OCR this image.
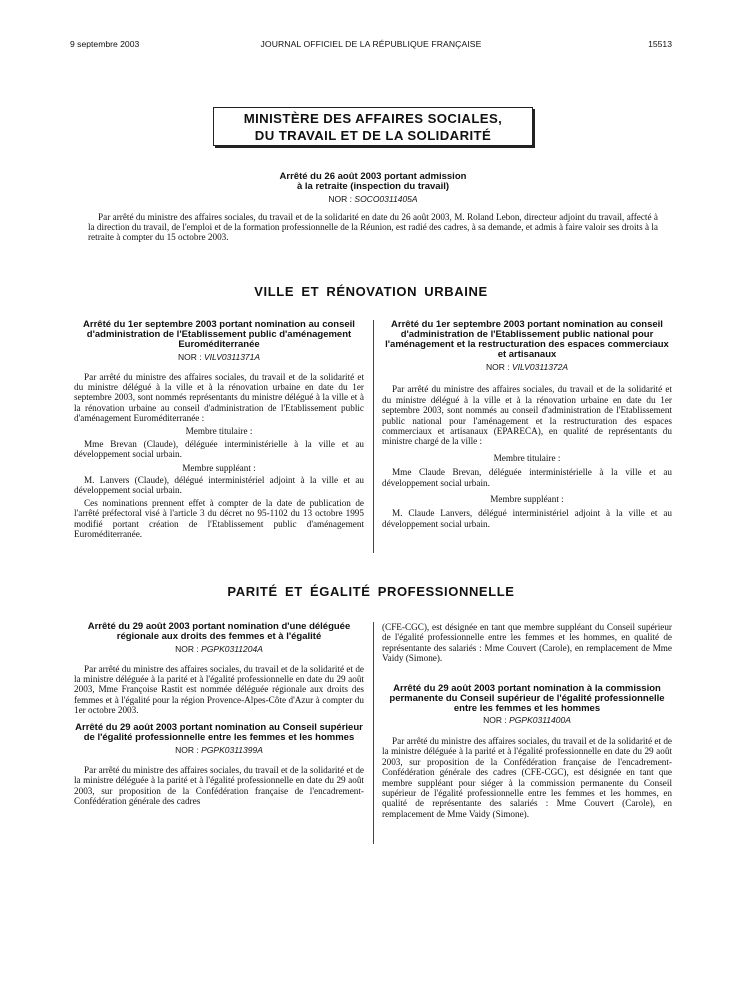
9 septembre 2003	JOURNAL OFFICIEL DE LA RÉPUBLIQUE FRANÇAISE	15513
MINISTÈRE DES AFFAIRES SOCIALES,
DU TRAVAIL ET DE LA SOLIDARITÉ
Arrêté du 26 août 2003 portant admission
à la retraite (inspection du travail)
NOR : SOCO0311405A

Par arrêté du ministre des affaires sociales, du travail et de la solidarité en date du 26 août 2003, M. Roland Lebon, directeur adjoint du travail, affecté à la direction du travail, de l'emploi et de la formation professionnelle de la Réunion, est radié des cadres, à sa demande, et admis à faire valoir ses droits à la retraite à compter du 15 octobre 2003.

VILLE ET RÉNOVATION URBAINE
Arrêté du 1er septembre 2003 portant nomination au conseil d'administration de l'Etablissement public d'aménagement Euroméditerranée
NOR : VILV0311371A

Par arrêté du ministre des affaires sociales, du travail et de la solidarité et du ministre délégué à la ville et à la rénovation urbaine en date du 1er septembre 2003, sont nommés représentants du ministre délégué à la ville et à la rénovation urbaine au conseil d'administration de l'Etablissement public d'aménagement Euroméditerranée :

Membre titulaire :

Mme Brevan (Claude), déléguée interministérielle à la ville et au développement social urbain.

Membre suppléant :

M. Lanvers (Claude), délégué interministériel adjoint à la ville et au développement social urbain.

Ces nominations prennent effet à compter de la date de publication de l'arrêté préfectoral visé à l'article 3 du décret no 95-1102 du 13 octobre 1995 modifié portant création de l'Etablissement public d'aménagement Euroméditerranée.

Arrêté du 1er septembre 2003 portant nomination au conseil d'administration de l'Etablissement public national pour l'aménagement et la restructuration des espaces commerciaux et artisanaux
NOR : VILV0311372A

Par arrêté du ministre des affaires sociales, du travail et de la solidarité et du ministre délégué à la ville et à la rénovation urbaine en date du 1er septembre 2003, sont nommés au conseil d'administration de l'Etablissement public national pour l'aménagement et la restructuration des espaces commerciaux et artisanaux (EPARECA), en qualité de représentants du ministre chargé de la ville :

Membre titulaire :

Mme Claude Brevan, déléguée interministérielle à la ville et au développement social urbain.

Membre suppléant :

M. Claude Lanvers, délégué interministériel adjoint à la ville et au développement social urbain.

PARITÉ ET ÉGALITÉ PROFESSIONNELLE
Arrêté du 29 août 2003 portant nomination d'une déléguée régionale aux droits des femmes et à l'égalité
NOR : PGPK0311204A

Par arrêté du ministre des affaires sociales, du travail et de la solidarité et de la ministre déléguée à la parité et à l'égalité professionnelle en date du 29 août 2003, Mme Françoise Rastit est nommée déléguée régionale aux droits des femmes et à l'égalité pour la région Provence-Alpes-Côte d'Azur à compter du 1er octobre 2003.

Arrêté du 29 août 2003 portant nomination au Conseil supérieur de l'égalité professionnelle entre les femmes et les hommes
NOR : PGPK0311399A

Par arrêté du ministre des affaires sociales, du travail et de la solidarité et de la ministre déléguée à la parité et à l'égalité professionnelle en date du 29 août 2003, sur proposition de la Confédération française de l'encadrement-Confédération générale des cadres

(CFE-CGC), est désignée en tant que membre suppléant du Conseil supérieur de l'égalité professionnelle entre les femmes et les hommes, en qualité de représentante des salariés : Mme Couvert (Carole), en remplacement de Mme Vaidy (Simone).

Arrêté du 29 août 2003 portant nomination à la commission permanente du Conseil supérieur de l'égalité professionnelle entre les femmes et les hommes
NOR : PGPK0311400A

Par arrêté du ministre des affaires sociales, du travail et de la solidarité et de la ministre déléguée à la parité et à l'égalité professionnelle en date du 29 août 2003, sur proposition de la Confédération française de l'encadrement-Confédération générale des cadres (CFE-CGC), est désignée en tant que membre suppléant pour siéger à la commission permanente du Conseil supérieur de l'égalité professionnelle entre les femmes et les hommes, en qualité de représentante des salariés : Mme Couvert (Carole), en remplacement de Mme Vaidy (Simone).
